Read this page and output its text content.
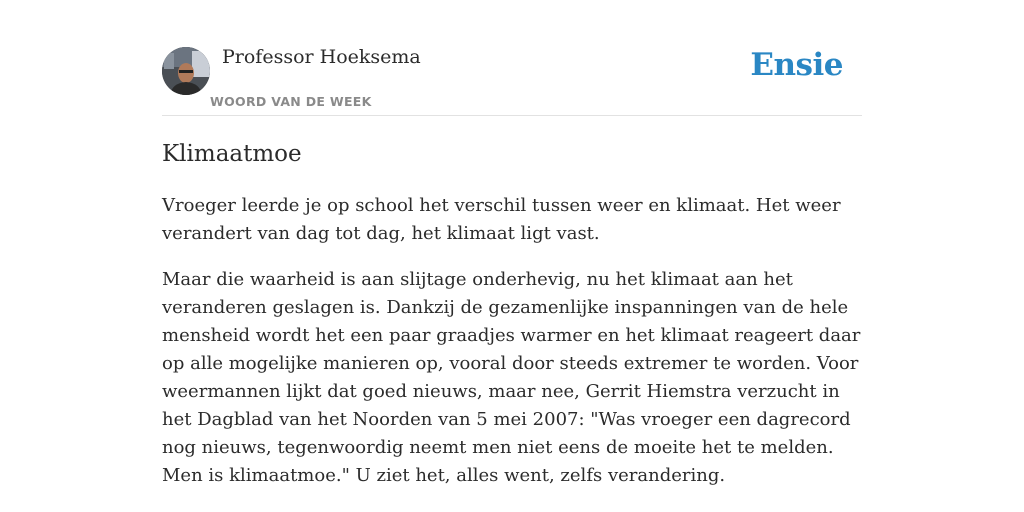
Professor Hoeksema
WOORD VAN DE WEEK
Ensie
Klimaatmoe

Vroeger leerde je op school het verschil tussen weer en klimaat. Het weer verandert van dag tot dag, het klimaat ligt vast.

Maar die waarheid is aan slijtage onderhevig, nu het klimaat aan het veranderen geslagen is. Dankzij de gezamenlijke inspanningen van de hele mensheid wordt het een paar graadjes warmer en het klimaat reageert daar op alle mogelijke manieren op, vooral door steeds extremer te worden. Voor weermannen lijkt dat goed nieuws, maar nee, Gerrit Hiemstra verzucht in het Dagblad van het Noorden van 5 mei 2007: "Was vroeger een dagrecord nog nieuws, tegenwoordig neemt men niet eens de moeite het te melden. Men is klimaatmoe." U ziet het, alles went, zelfs verandering.
